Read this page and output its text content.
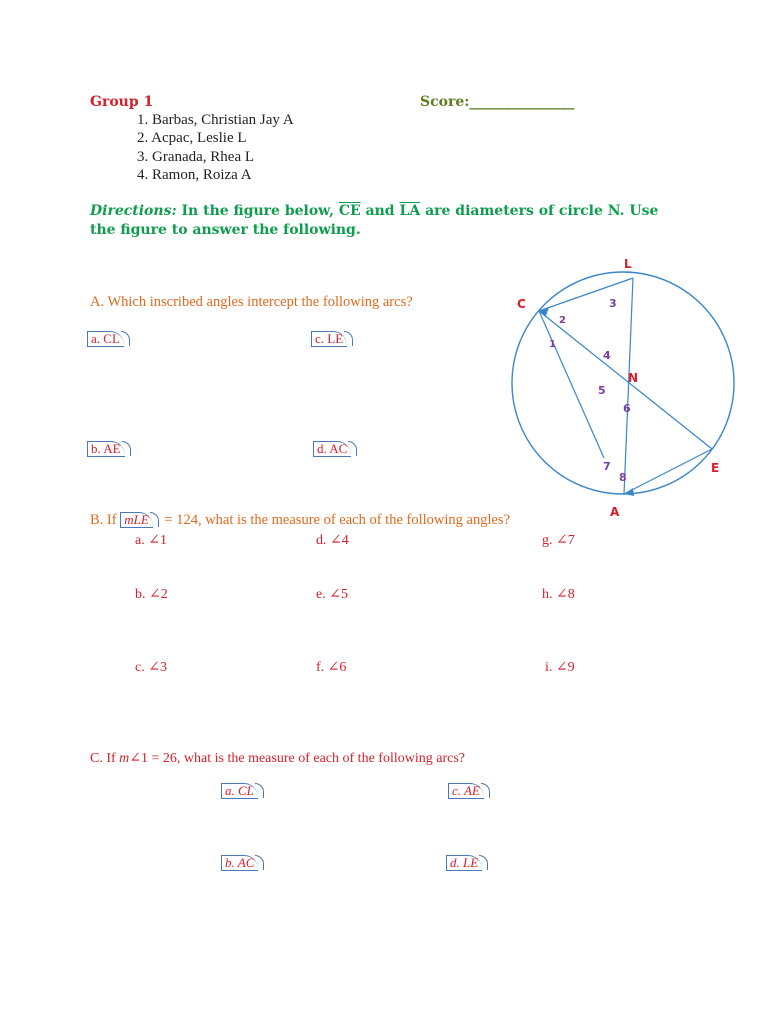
Group 1	Score:_______________
1. Barbas, Christian Jay A
2. Acpac, Leslie L
3. Granada, Rhea L
4. Ramon, Roiza A
Directions: In the figure below, $\overline{CE}$ and $\overline{LA}$ are diameters of circle N. Use
the figure to answer the following.
A. Which inscribed angles intercept the following arcs?
a. CL	c. LE
b. AE	d. AC
B. If mLE = 124, what is the measure of each of the following angles?
a. ∠1	d. ∠4	g. ∠7
b. ∠2	e. ∠5	h. ∠8
c. ∠3	f. ∠6	i. ∠9
C. If m∠1 = 26, what is the measure of each of the following arcs?
a. CL	c. AE
b. AC	d. LE
L
C
E
A
N
1
2
3
4
5
6
7
8
